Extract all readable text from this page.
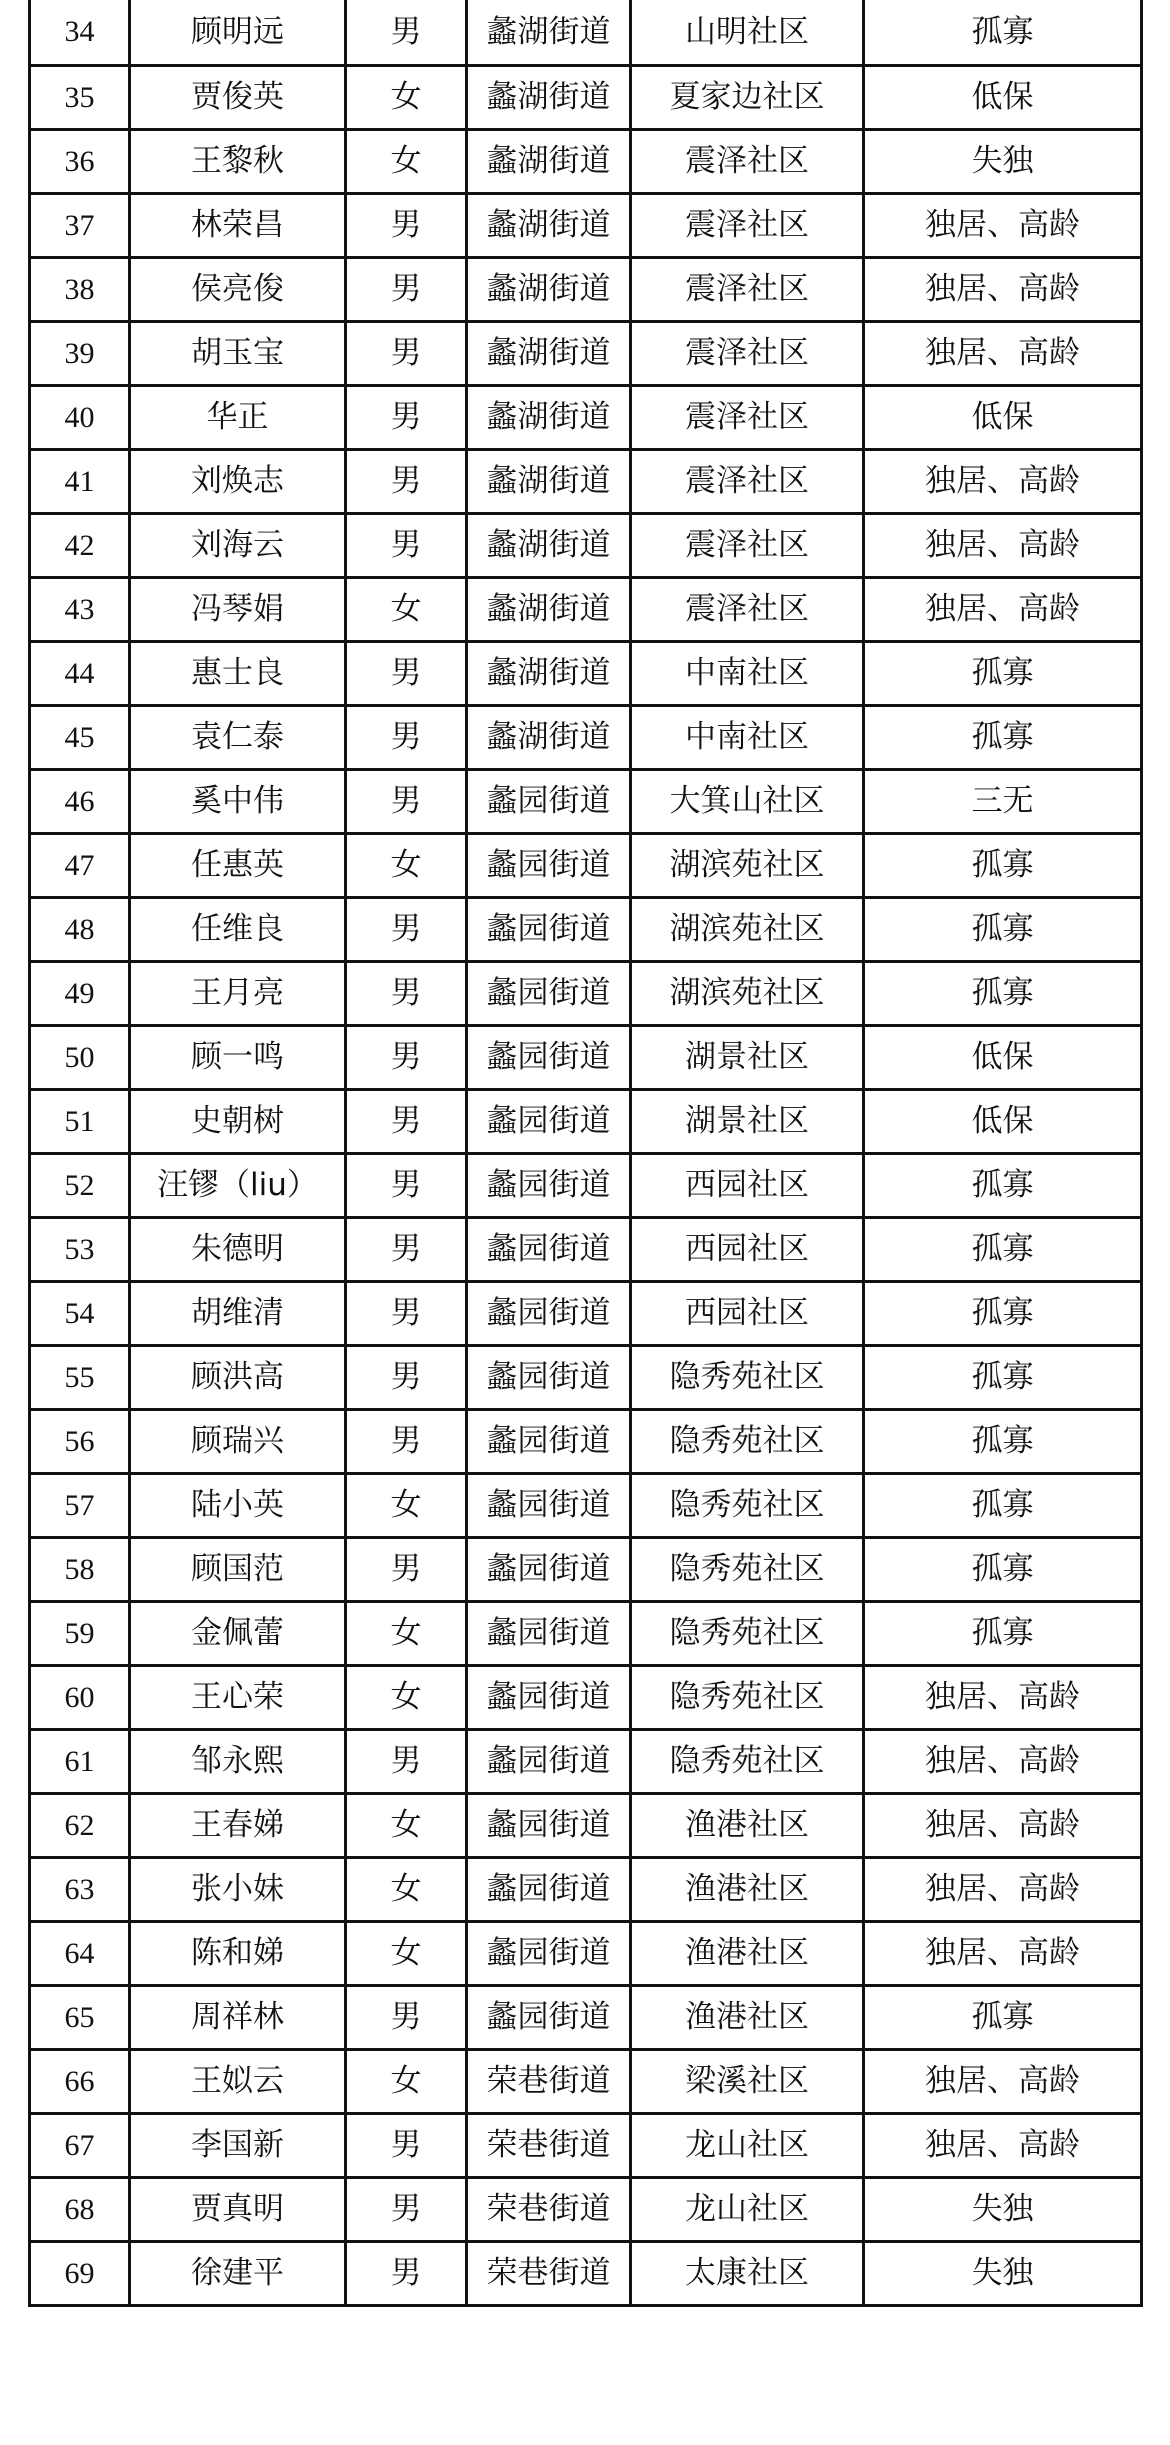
34	顾明远	男	蠡湖街道	山明社区	孤寡
35	贾俊英	女	蠡湖街道	夏家边社区	低保
36	王黎秋	女	蠡湖街道	震泽社区	失独
37	林荣昌	男	蠡湖街道	震泽社区	独居、高龄
38	侯亮俊	男	蠡湖街道	震泽社区	独居、高龄
39	胡玉宝	男	蠡湖街道	震泽社区	独居、高龄
40	华正	男	蠡湖街道	震泽社区	低保
41	刘焕志	男	蠡湖街道	震泽社区	独居、高龄
42	刘海云	男	蠡湖街道	震泽社区	独居、高龄
43	冯琴娟	女	蠡湖街道	震泽社区	独居、高龄
44	惠士良	男	蠡湖街道	中南社区	孤寡
45	袁仁泰	男	蠡湖街道	中南社区	孤寡
46	奚中伟	男	蠡园街道	大箕山社区	三无
47	任惠英	女	蠡园街道	湖滨苑社区	孤寡
48	任维良	男	蠡园街道	湖滨苑社区	孤寡
49	王月亮	男	蠡园街道	湖滨苑社区	孤寡
50	顾一鸣	男	蠡园街道	湖景社区	低保
51	史朝树	男	蠡园街道	湖景社区	低保
52	汪镠（liu）	男	蠡园街道	西园社区	孤寡
53	朱德明	男	蠡园街道	西园社区	孤寡
54	胡维清	男	蠡园街道	西园社区	孤寡
55	顾洪高	男	蠡园街道	隐秀苑社区	孤寡
56	顾瑞兴	男	蠡园街道	隐秀苑社区	孤寡
57	陆小英	女	蠡园街道	隐秀苑社区	孤寡
58	顾国范	男	蠡园街道	隐秀苑社区	孤寡
59	金佩蕾	女	蠡园街道	隐秀苑社区	孤寡
60	王心荣	女	蠡园街道	隐秀苑社区	独居、高龄
61	邹永熙	男	蠡园街道	隐秀苑社区	独居、高龄
62	王春娣	女	蠡园街道	渔港社区	独居、高龄
63	张小妹	女	蠡园街道	渔港社区	独居、高龄
64	陈和娣	女	蠡园街道	渔港社区	独居、高龄
65	周祥林	男	蠡园街道	渔港社区	孤寡
66	王姒云	女	荣巷街道	梁溪社区	独居、高龄
67	李国新	男	荣巷街道	龙山社区	独居、高龄
68	贾真明	男	荣巷街道	龙山社区	失独
69	徐建平	男	荣巷街道	太康社区	失独
